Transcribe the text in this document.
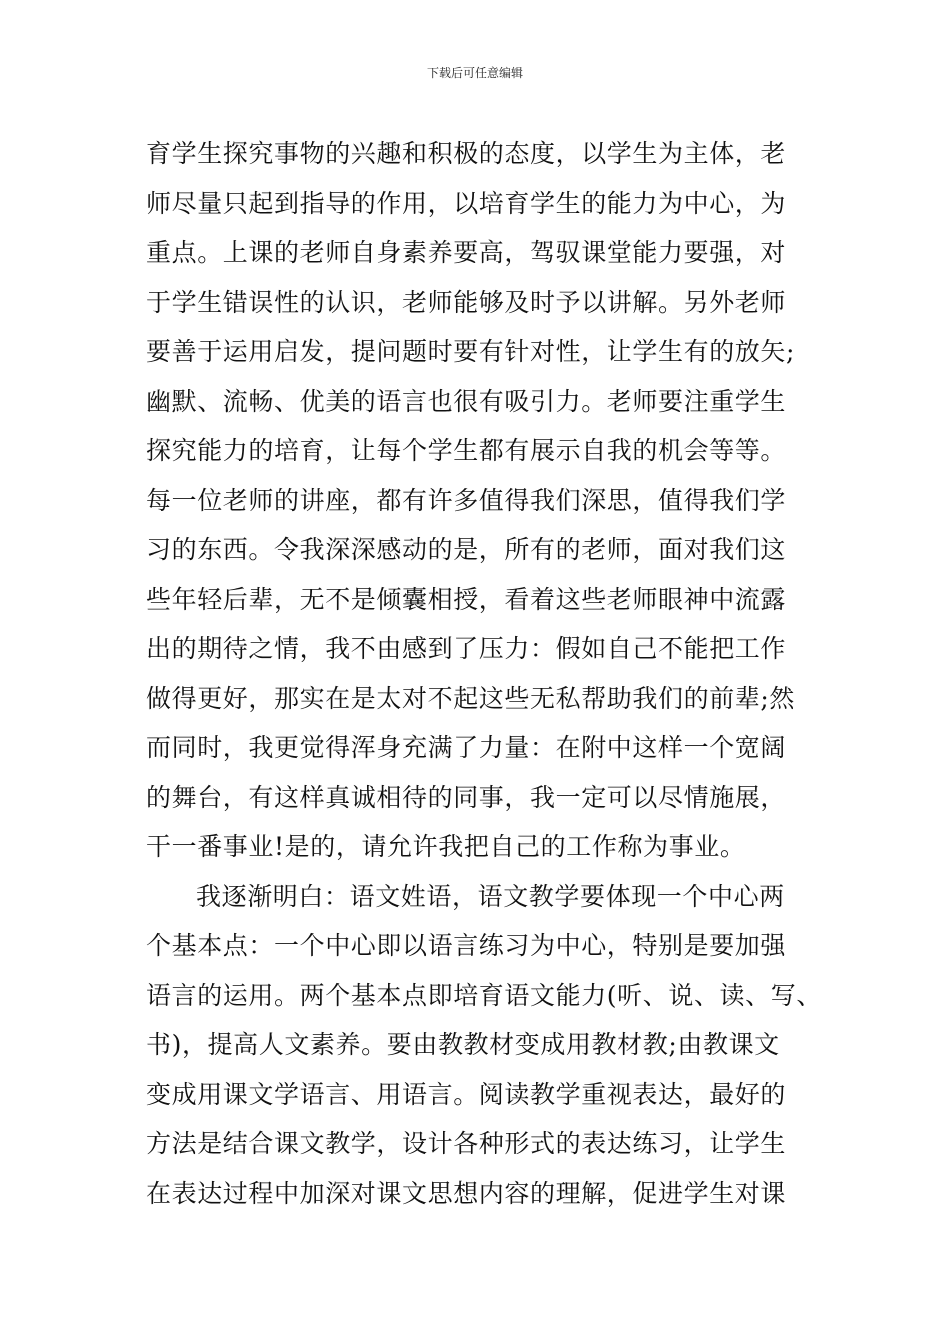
下载后可任意编辑
育学生探究事物的兴趣和积极的态度，以学生为主体，老
师尽量只起到指导的作用，以培育学生的能力为中心，为
重点。上课的老师自身素养要高，驾驭课堂能力要强，对
于学生错误性的认识，老师能够及时予以讲解。另外老师
要善于运用启发，提问题时要有针对性，让学生有的放矢;
幽默、流畅、优美的语言也很有吸引力。老师要注重学生
探究能力的培育，让每个学生都有展示自我的机会等等。
每一位老师的讲座，都有许多值得我们深思，值得我们学
习的东西。令我深深感动的是，所有的老师，面对我们这
些年轻后辈，无不是倾囊相授，看着这些老师眼神中流露
出的期待之情，我不由感到了压力：假如自己不能把工作
做得更好，那实在是太对不起这些无私帮助我们的前辈;然
而同时，我更觉得浑身充满了力量：在附中这样一个宽阔
的舞台，有这样真诚相待的同事，我一定可以尽情施展，
干一番事业!是的，请允许我把自己的工作称为事业。
我逐渐明白：语文姓语，语文教学要体现一个中心两
个基本点：一个中心即以语言练习为中心，特别是要加强
语言的运用。两个基本点即培育语文能力(听、说、读、写、
书)，提高人文素养。要由教教材变成用教材教;由教课文
变成用课文学语言、用语言。阅读教学重视表达，最好的
方法是结合课文教学，设计各种形式的表达练习，让学生
在表达过程中加深对课文思想内容的理解，促进学生对课
